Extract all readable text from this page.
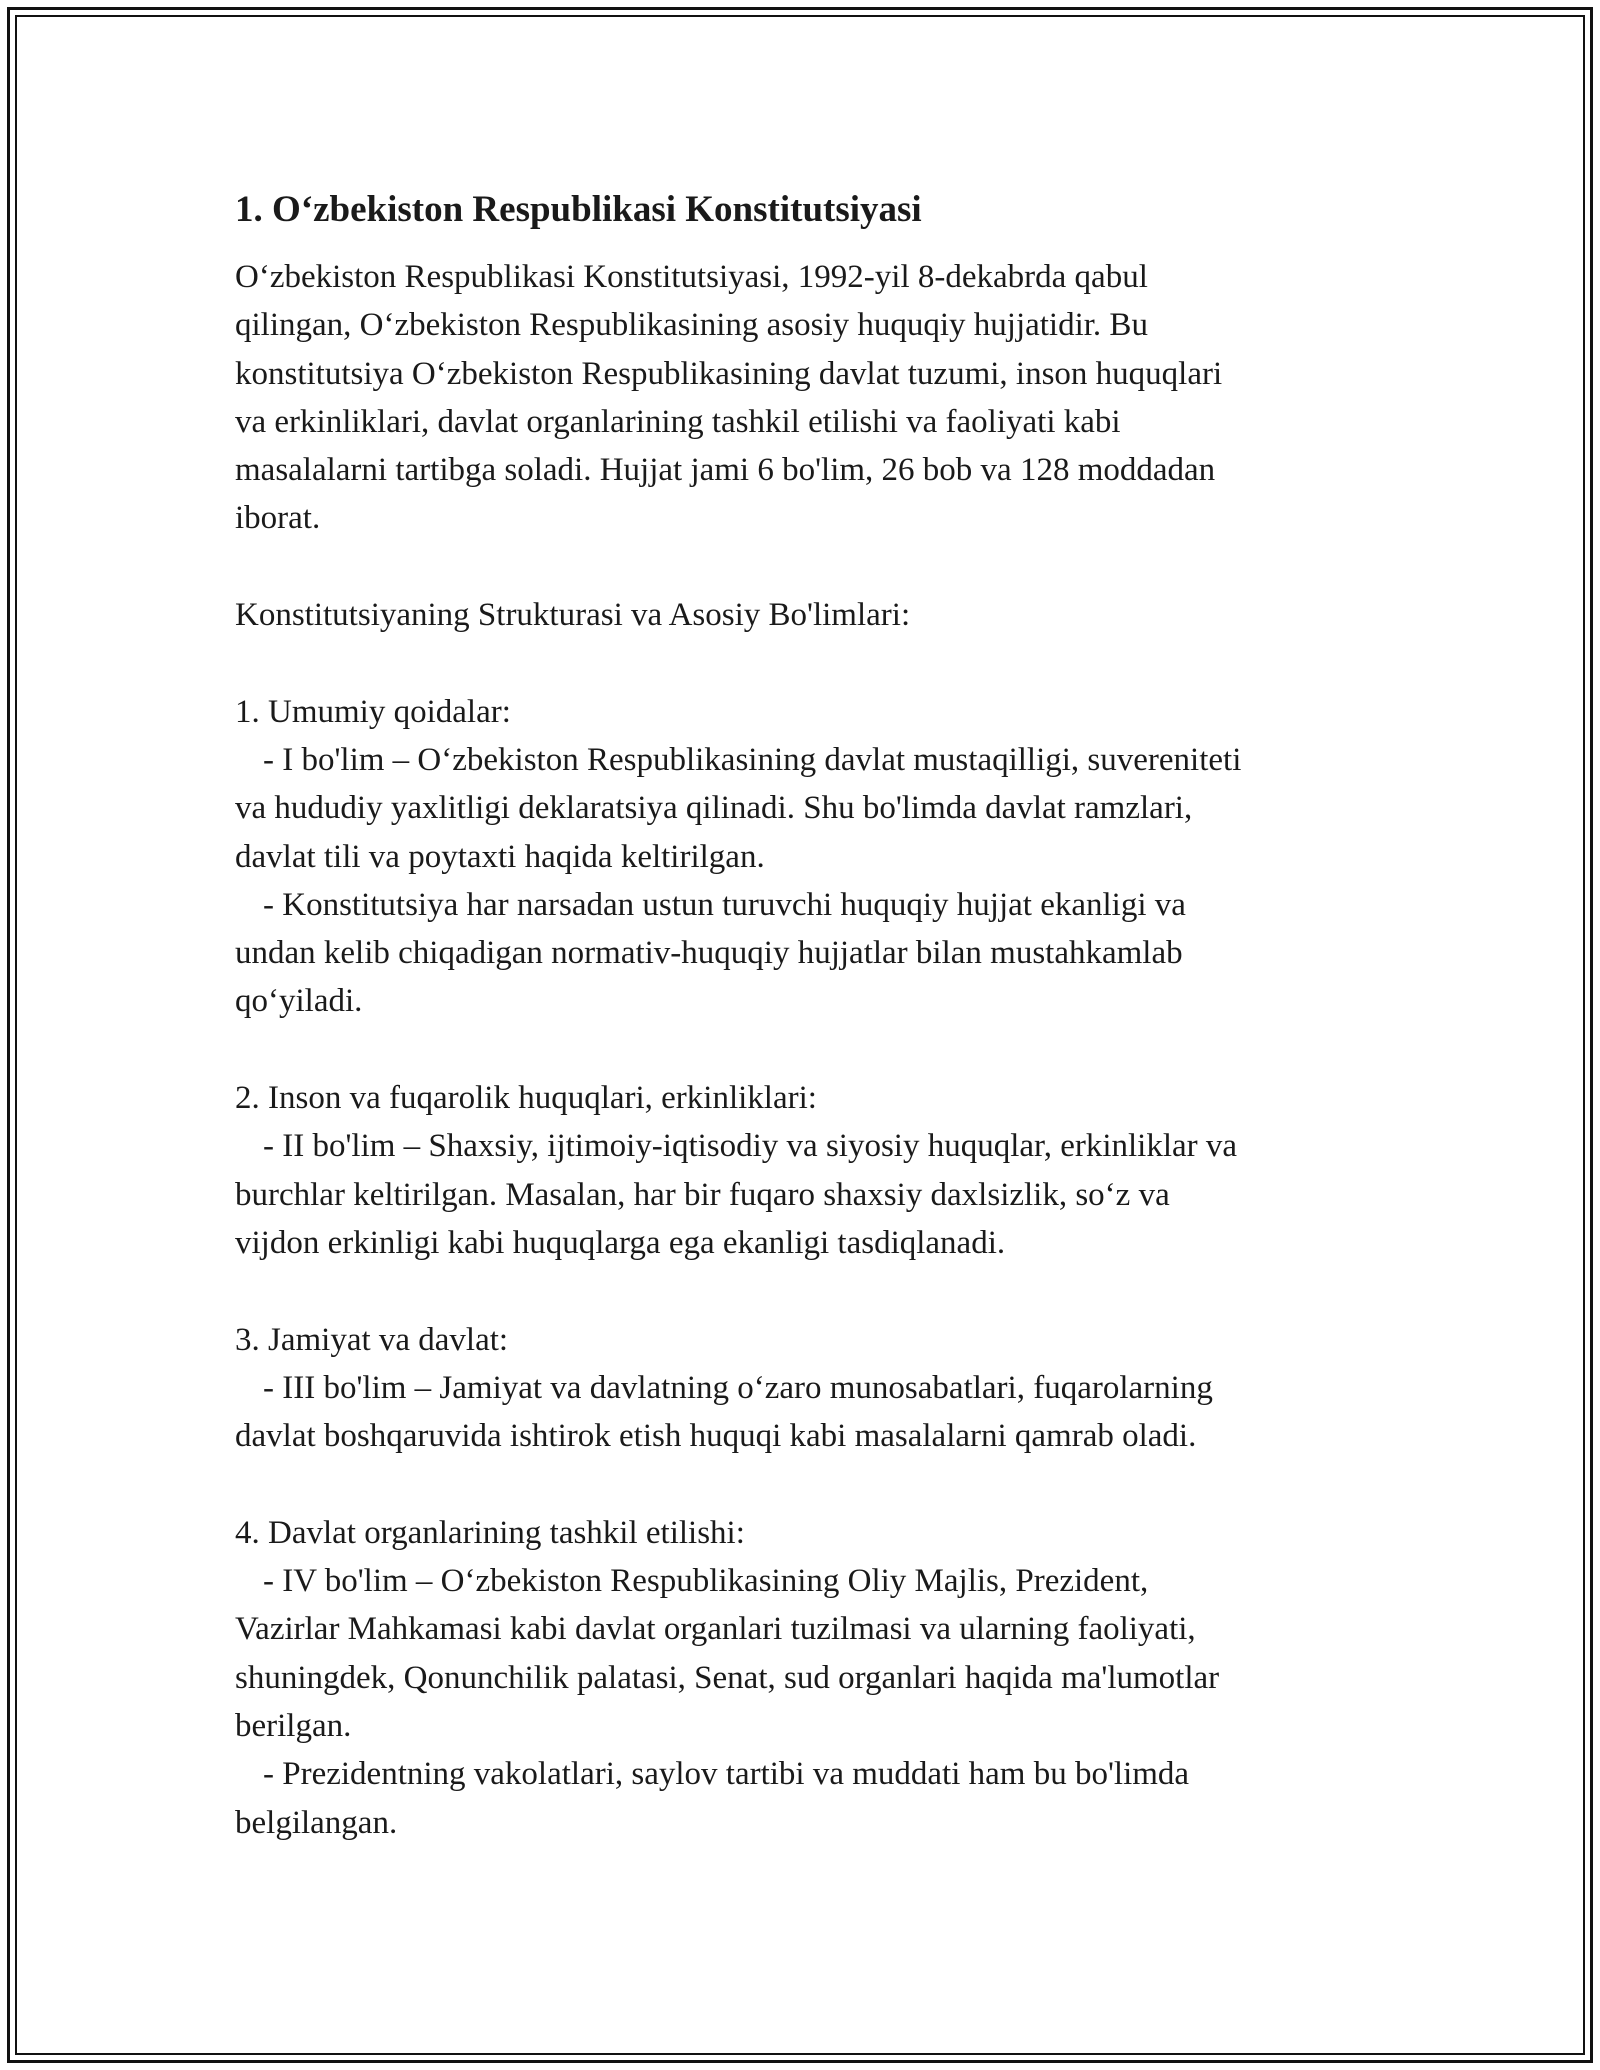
1. O‘zbekiston Respublikasi Konstitutsiyasi
O‘zbekiston Respublikasi Konstitutsiyasi, 1992-yil 8-dekabrda qabul
qilingan, O‘zbekiston Respublikasining asosiy huquqiy hujjatidir. Bu
konstitutsiya O‘zbekiston Respublikasining davlat tuzumi, inson huquqlari
va erkinliklari, davlat organlarining tashkil etilishi va faoliyati kabi
masalalarni tartibga soladi. Hujjat jami 6 bo'lim, 26 bob va 128 moddadan
iborat.
Konstitutsiyaning Strukturasi va Asosiy Bo'limlari:
1. Umumiy qoidalar:
- I bo'lim – O‘zbekiston Respublikasining davlat mustaqilligi, suvereniteti
va hududiy yaxlitligi deklaratsiya qilinadi. Shu bo'limda davlat ramzlari,
davlat tili va poytaxti haqida keltirilgan.
- Konstitutsiya har narsadan ustun turuvchi huquqiy hujjat ekanligi va
undan kelib chiqadigan normativ-huquqiy hujjatlar bilan mustahkamlab
qo‘yiladi.
2. Inson va fuqarolik huquqlari, erkinliklari:
- II bo'lim – Shaxsiy, ijtimoiy-iqtisodiy va siyosiy huquqlar, erkinliklar va
burchlar keltirilgan. Masalan, har bir fuqaro shaxsiy daxlsizlik, so‘z va
vijdon erkinligi kabi huquqlarga ega ekanligi tasdiqlanadi.
3. Jamiyat va davlat:
- III bo'lim – Jamiyat va davlatning o‘zaro munosabatlari, fuqarolarning
davlat boshqaruvida ishtirok etish huquqi kabi masalalarni qamrab oladi.
4. Davlat organlarining tashkil etilishi:
- IV bo'lim – O‘zbekiston Respublikasining Oliy Majlis, Prezident,
Vazirlar Mahkamasi kabi davlat organlari tuzilmasi va ularning faoliyati,
shuningdek, Qonunchilik palatasi, Senat, sud organlari haqida ma'lumotlar
berilgan.
- Prezidentning vakolatlari, saylov tartibi va muddati ham bu bo'limda
belgilangan.
